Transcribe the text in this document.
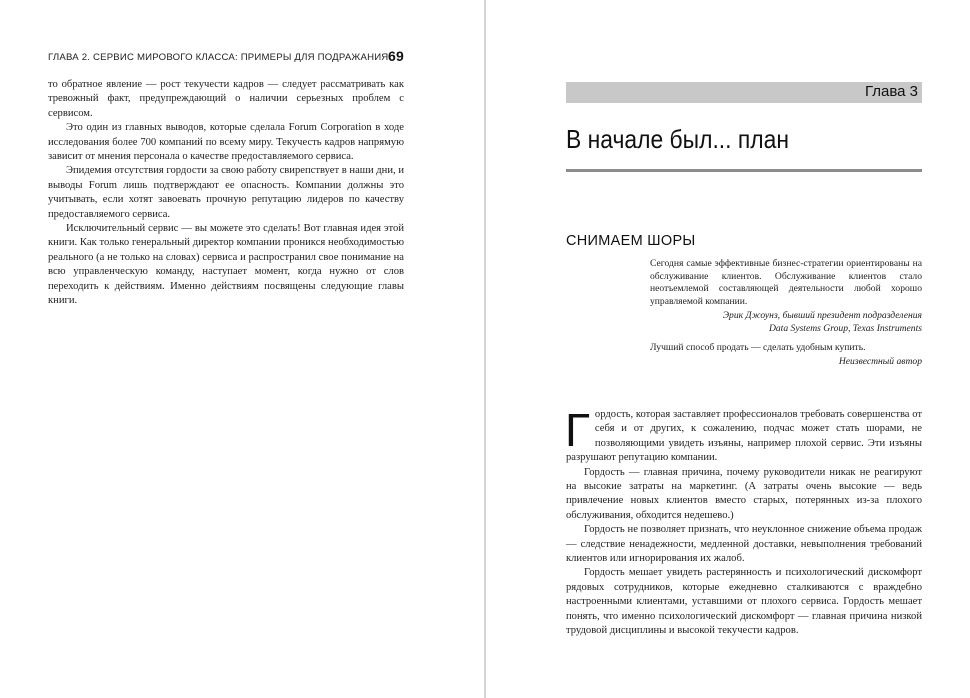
ГЛАВА 2. СЕРВИС МИРОВОГО КЛАССА: ПРИМЕРЫ ДЛЯ ПОДРАЖАНИЯ 69

то обратное явление — рост текучести кадров — следует рассматривать как тревожный факт, предупреждающий о наличии серьезных проблем с сервисом.

Это один из главных выводов, которые сделала Forum Corporation в ходе исследования более 700 компаний по всему миру. Текучесть кадров напрямую зависит от мнения персонала о качестве предоставляемого сервиса.

Эпидемия отсутствия гордости за свою работу свирепствует в наши дни, и выводы Forum лишь подтверждают ее опасность. Компании должны это учитывать, если хотят завоевать прочную репутацию лидеров по качеству предоставляемого сервиса.

Исключительный сервис — вы можете это сделать! Вот главная идея этой книги. Как только генеральный директор компании проникся необходимостью реального (а не только на словах) сервиса и распространил свое понимание на всю управленческую команду, наступает момент, когда нужно от слов переходить к действиям. Именно действиям посвящены следующие главы книги.

Глава 3
В начале был... план
СНИМАЕМ ШОРЫ

Сегодня самые эффективные бизнес-стратегии ориентированы на обслуживание клиентов. Обслуживание клиентов стало неотъемлемой составляющей деятельности любой хорошо управляемой компании.

Эрик Джоунз, бывший президент подразделения
Data Systems Group, Texas Instruments

Лучший способ продать — сделать удобным купить.

Неизвестный автор

Гордость, которая заставляет профессионалов требовать совершенства от себя и от других, к сожалению, подчас может стать шорами, не позволяющими увидеть изъяны, например плохой сервис. Эти изъяны разрушают репутацию компании.

Гордость — главная причина, почему руководители никак не реагируют на высокие затраты на маркетинг. (А затраты очень высокие — ведь привлечение новых клиентов вместо старых, потерянных из-за плохого обслуживания, обходится недешево.)

Гордость не позволяет признать, что неуклонное снижение объема продаж — следствие ненадежности, медленной доставки, невыполнения требований клиентов или игнорирования их жалоб.

Гордость мешает увидеть растерянность и психологический дискомфорт рядовых сотрудников, которые ежедневно сталкиваются с враждебно настроенными клиентами, уставшими от плохого сервиса. Гордость мешает понять, что именно психологический дискомфорт — главная причина низкой трудовой дисциплины и высокой текучести кадров.
